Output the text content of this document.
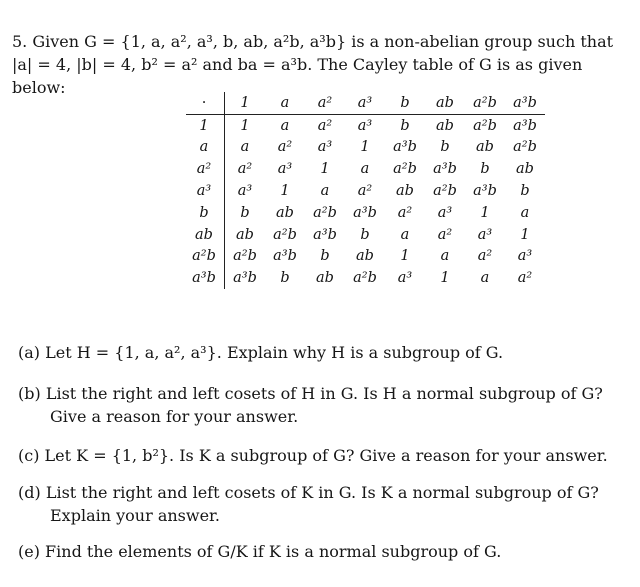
5. Given G = {1, a, a², a³, b, ab, a²b, a³b} is a non-abelian group such that
|a| = 4, |b| = 4, b² = a² and ba = a³b. The Cayley table of G is as given below:
·	1	a	a²	a³	b	ab	a²b	a³b
1	1	a	a²	a³	b	ab	a²b	a³b
a	a	a²	a³	1	a³b	b	ab	a²b
a²	a²	a³	1	a	a²b	a³b	b	ab
a³	a³	1	a	a²	ab	a²b	a³b	b
b	b	ab	a²b	a³b	a²	a³	1	a
ab	ab	a²b	a³b	b	a	a²	a³	1
a²b	a²b	a³b	b	ab	1	a	a²	a³
a³b	a³b	b	ab	a²b	a³	1	a	a²
(a) Let H = {1, a, a², a³}. Explain why H is a subgroup of G.
(b) List the right and left cosets of H in G. Is H a normal subgroup of G?
Give a reason for your answer.
(c) Let K = {1, b²}. Is K a subgroup of G? Give a reason for your answer.
(d) List the right and left cosets of K in G. Is K a normal subgroup of G?
Explain your answer.
(e) Find the elements of G/K if K is a normal subgroup of G.
